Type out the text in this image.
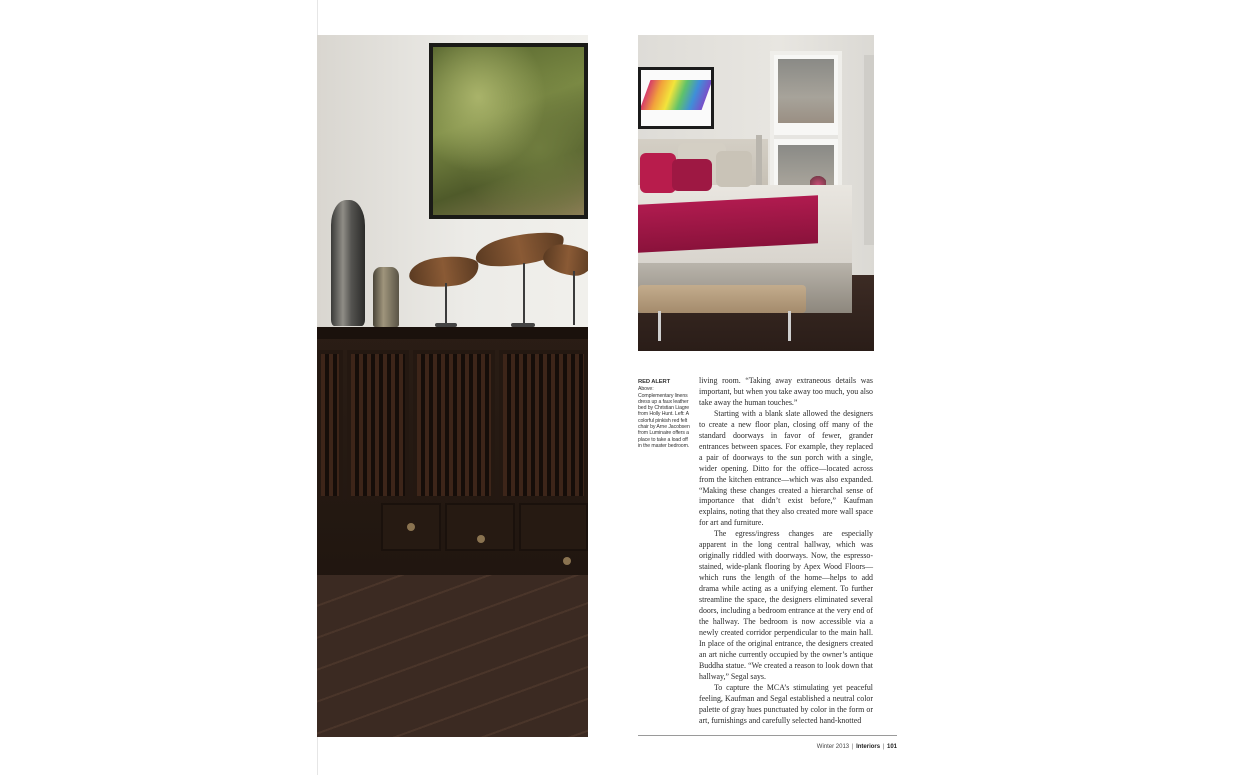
RED ALERT
Above: Complementary linens dress up a faux leather bed by Christian Liagre from Holly Hunt. Left: A colorful pinkish red felt chair by Arne Jacobsen from Luminaire offers a place to take a load off in the master bedroom.

living room. “Taking away extraneous details was important, but when you take away too much, you also take away the human touches.”

Starting with a blank slate allowed the designers to create a new floor plan, closing off many of the standard doorways in favor of fewer, grander entrances between spaces. For example, they replaced a pair of doorways to the sun porch with a single, wider opening. Ditto for the office—located across from the kitchen entrance—which was also expanded. “Making these changes created a hierarchal sense of importance that didn’t exist before,” Kaufman explains, noting that they also created more wall space for art and furniture.

The egress/ingress changes are especially apparent in the long central hallway, which was originally riddled with doorways. Now, the espresso-stained, wide-plank flooring by Apex Wood Floors—which runs the length of the home—helps to add drama while acting as a unifying element. To further streamline the space, the designers eliminated several doors, including a bedroom entrance at the very end of the hallway. The bedroom is now accessible via a newly created corridor perpendicular to the main hall. In place of the original entrance, the designers created an art niche currently occupied by the owner’s antique Buddha statue. “We created a reason to look down that hallway,” Segal says.

To capture the MCA’s stimulating yet peaceful feeling, Kaufman and Segal established a neutral color palette of gray hues punctuated by color in the form or art, furnishings and carefully selected hand-knotted

Winter 2013 | Interiors | 101
